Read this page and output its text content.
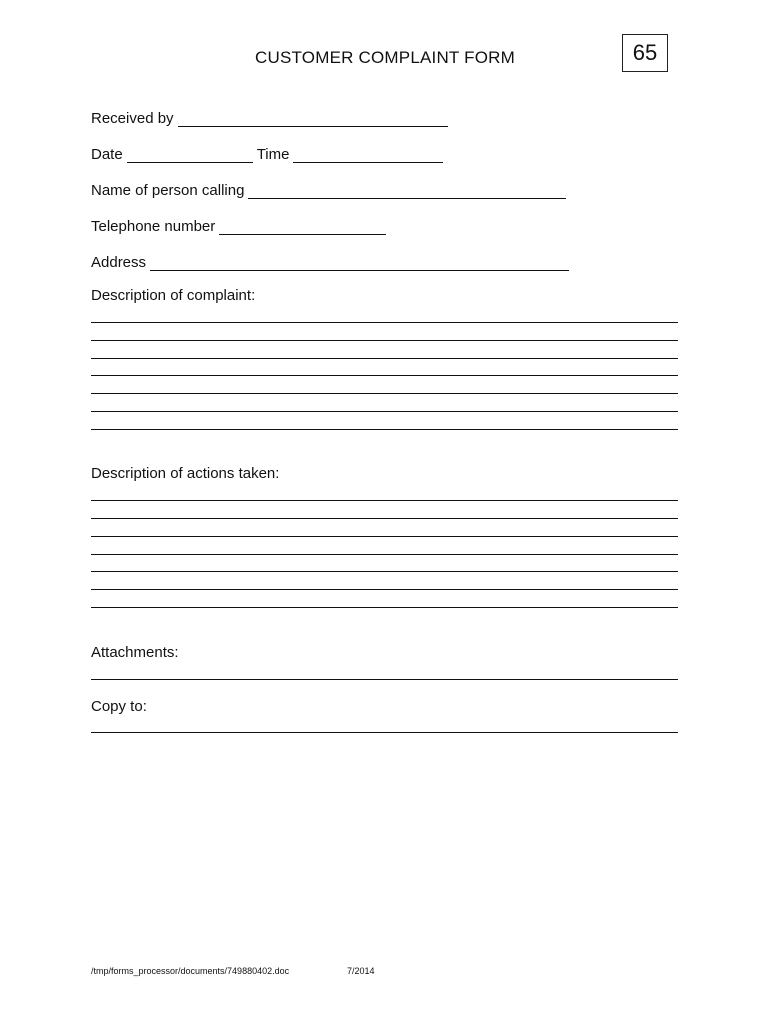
65
CUSTOMER COMPLAINT FORM
Received by
Date	Time
Name of person calling
Telephone number
Address
Description of complaint:
Description of actions taken:
Attachments:
Copy to:
/tmp/forms_processor/documents/749880402.doc	7/2014
